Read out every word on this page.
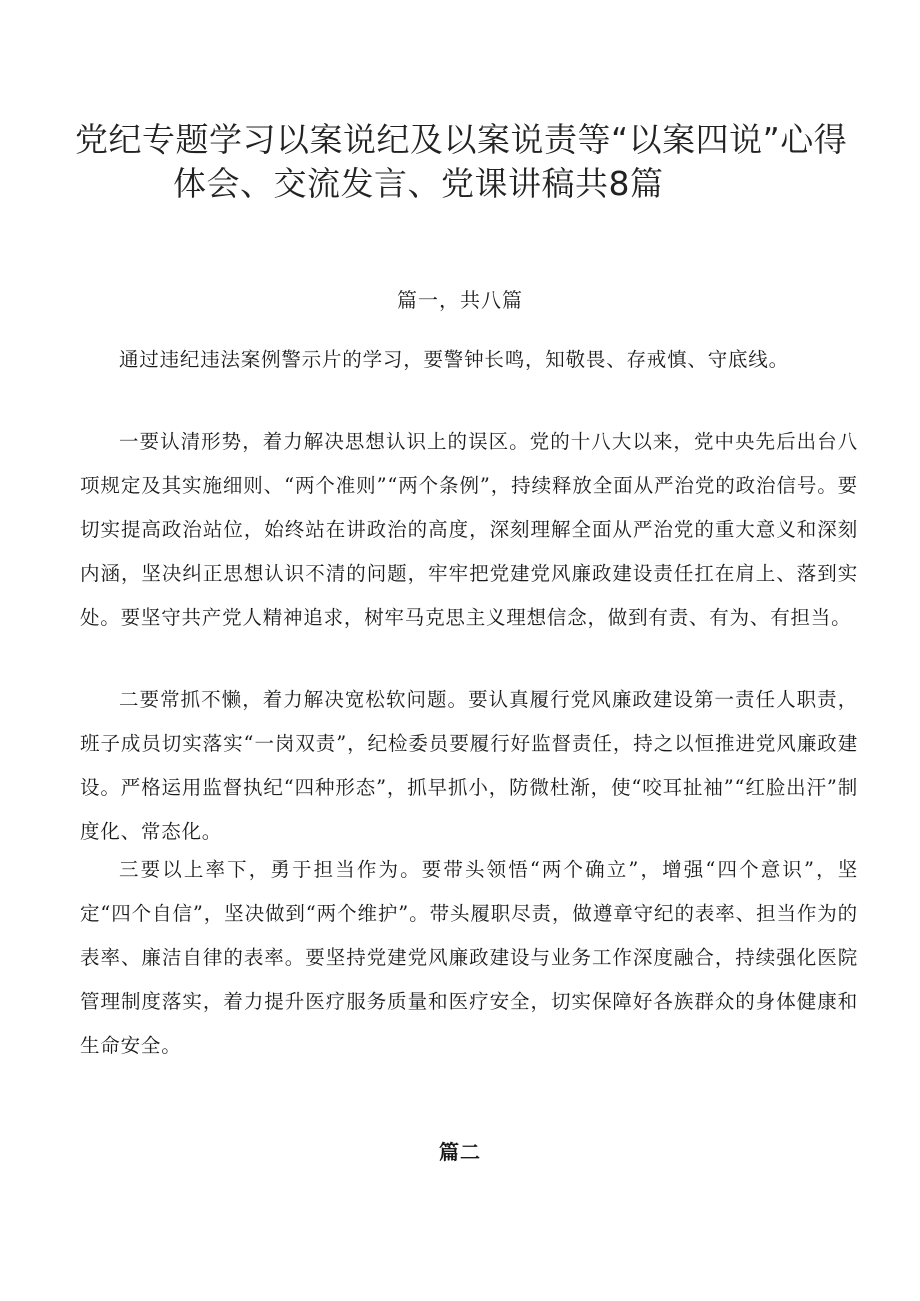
党纪专题学习以案说纪及以案说责等“以案四说”心得
体会、交流发言、党课讲稿共8篇
篇一，共八篇

通过违纪违法案例警示片的学习，要警钟长鸣，知敬畏、存戒慎、守底线。

一要认清形势，着力解决思想认识上的误区。党的十八大以来，党中央先后出台八项规定及其实施细则、“两个准则”“两个条例”，持续释放全面从严治党的政治信号。要切实提高政治站位，始终站在讲政治的高度，深刻理解全面从严治党的重大意义和深刻内涵，坚决纠正思想认识不清的问题，牢牢把党建党风廉政建设责任扛在肩上、落到实处。要坚守共产党人精神追求，树牢马克思主义理想信念，做到有责、有为、有担当。

二要常抓不懒，着力解决宽松软问题。要认真履行党风廉政建设第一责任人职责，班子成员切实落实“一岗双责”，纪检委员要履行好监督责任，持之以恒推进党风廉政建设。严格运用监督执纪“四种形态”，抓早抓小，防微杜渐，使“咬耳扯袖”“红脸出汗”制度化、常态化。

三要以上率下，勇于担当作为。要带头领悟“两个确立”，增强“四个意识”，坚定“四个自信”，坚决做到“两个维护”。带头履职尽责，做遵章守纪的表率、担当作为的表率、廉洁自律的表率。要坚持党建党风廉政建设与业务工作深度融合，持续强化医院管理制度落实，着力提升医疗服务质量和医疗安全，切实保障好各族群众的身体健康和生命安全。

篇二
